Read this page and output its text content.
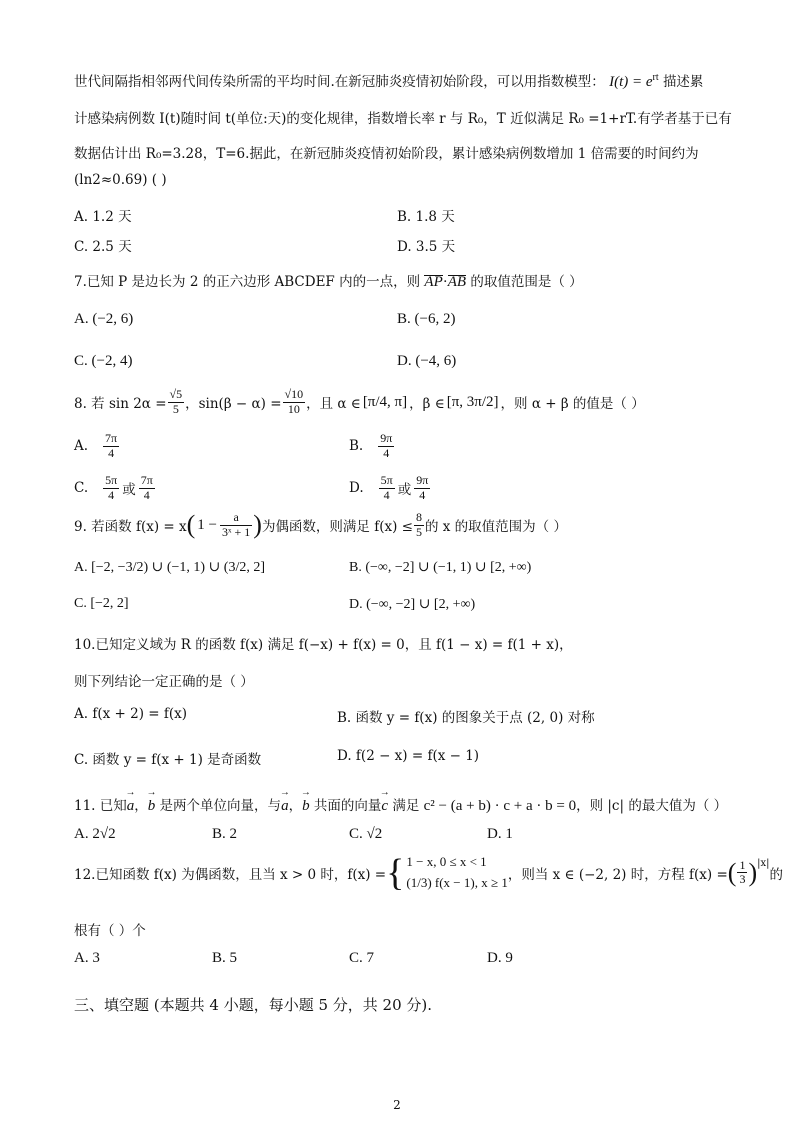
世代间隔指相邻两代间传染所需的平均时间.在新冠肺炎疫情初始阶段，可以用指数模型： $I(t) = e^{rt}$ 描述累
计感染病例数 I(t)随时间 t(单位:天)的变化规律，指数增长率 r 与 R₀，T 近似满足 R₀ =1+rT.有学者基于已有
数据估计出 R₀=3.28，T=6.据此，在新冠肺炎疫情初始阶段，累计感染病例数增加 1 倍需要的时间约为
(ln2≈0.69) ( )
A. 1.2 天	B. 1.8 天
C. 2.5 天	D. 3.5 天
7.已知 P 是边长为 2 的正六边形 ABCDEF 内的一点，则 AP·AB 的取值范围是（ ）
A. (−2, 6)	B. (−6, 2)
C. (−2, 4)	D. (−4, 6)
8. 若 $\sin 2\alpha = \frac{√5}{5}$ ，$\sin(\beta - \alpha) = \frac{√10}{10}$ ，且 α ∈ [π/4, π] ，β ∈ [π, 3π/2] ，则 α + β 的值是（ ）
A. $\frac{7\pi}{4}$	B. $\frac{9\pi}{4}$
C. $\frac{5\pi}{4}$ 或 $\frac{7\pi}{4}$	D. $\frac{5\pi}{4}$ 或 $\frac{9\pi}{4}$
9. 若函数 f(x) = x ( $1 - \frac{a}{\text{3ˣ + 1}}$ ) 为偶函数，则满足 $f(x) \le \frac{8}{5}$ 的 x 的取值范围为（ ）
A. [−2, −3/2) ∪ (−1, 1) ∪ (3/2, 2]	B. (−∞, −2] ∪ (−1, 1) ∪ [2, +∞)
C. [−2, 2]	D. (−∞, −2] ∪ [2, +∞)
10.已知定义域为 R 的函数 f(x) 满足 f(−x) + f(x) = 0，且 f(1 − x) = f(1 + x)，
则下列结论一定正确的是（ ）
A. f(x + 2) = f(x)	B. 函数 y = f(x) 的图象关于点 (2, 0) 对称
C. 函数 y = f(x + 1) 是奇函数	D. f(2 − x) = f(x − 1)
11. 已知→ a，→ b 是两个单位向量，与→ a，→ b 共面的向量→ c 满足 c² − (a + b) · c + a · b = 0，则 |c| 的最大值为（ ）
A. 2√2	B. 2	C. √2	D. 1
12.已知函数 f(x) 为偶函数，且当 x > 0 时，f(x) = { 1 − x, 0 ≤ x < 1
(1/3) f(x − 1), x ≥ 1 ，则当 x ∈ (−2, 2) 时，方程 f(x) = ( $\frac{1}{3}$ ) |x|
的
根有（ ）个
A. 3	B. 5	C. 7	D. 9
三、填空题 (本题共 4 小题，每小题 5 分，共 20 分).
2
